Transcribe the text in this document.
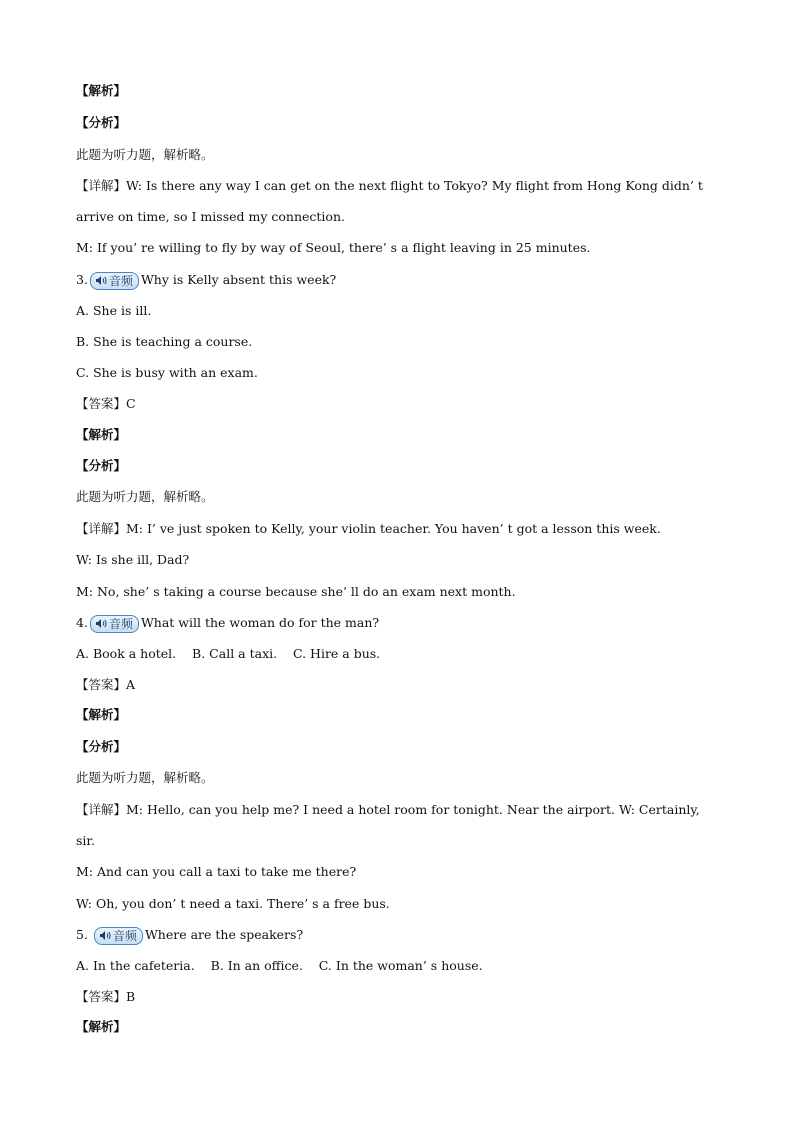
【解析】
【分析】
此题为听力题，解析略。
【详解】W: Is there any way I can get on the next flight to Tokyo? My flight from Hong Kong didn’ t
arrive on time, so I missed my connection.
M: If you’ re willing to fly by way of Seoul, there’ s a flight leaving in 25 minutes.
3. 音频 Why is Kelly absent this week?
A. She is ill.
B. She is teaching a course.
C. She is busy with an exam.
【答案】C
【解析】
【分析】
此题为听力题，解析略。
【详解】M: I’ ve just spoken to Kelly, your violin teacher. You haven’ t got a lesson this week.
W: Is she ill, Dad?
M: No, she’ s taking a course because she’ ll do an exam next month.
4. 音频 What will the woman do for the man?
A. Book a hotel.    B. Call a taxi.    C. Hire a bus.
【答案】A
【解析】
【分析】
此题为听力题，解析略。
【详解】M: Hello, can you help me? I need a hotel room for tonight. Near the airport. W: Certainly,
sir.
M: And can you call a taxi to take me there?
W: Oh, you don’ t need a taxi. There’ s a free bus.
5. 音频 Where are the speakers?
A. In the cafeteria.    B. In an office.    C. In the woman’ s house.
【答案】B
【解析】
